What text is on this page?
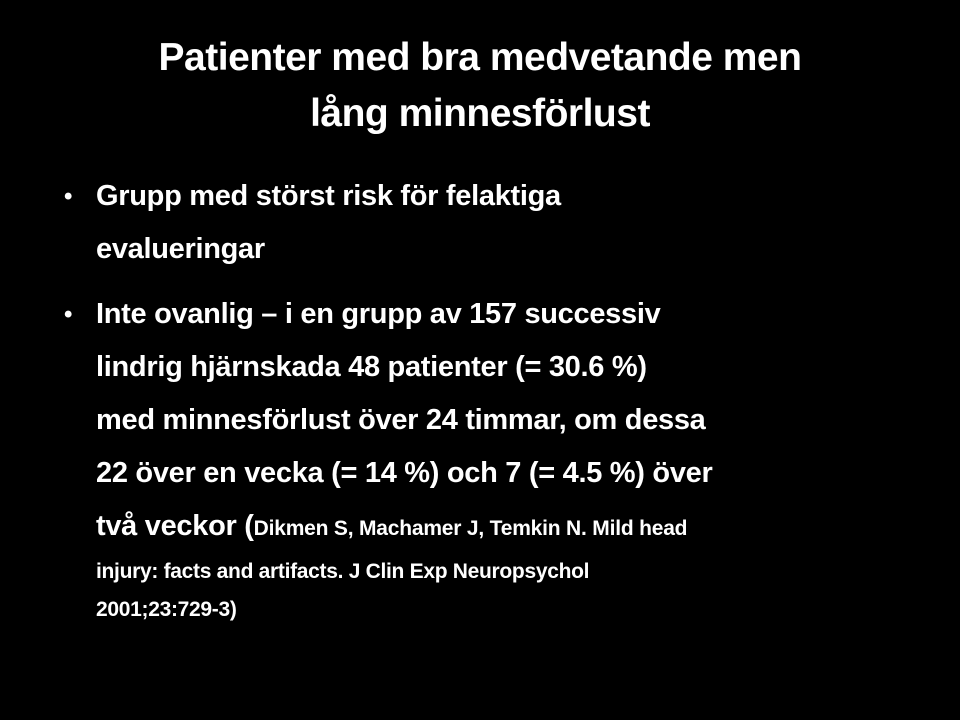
Patienter med bra medvetande men
lång minnesförlust
• Grupp med störst risk för felaktiga
evalueringar
• Inte ovanlig – i en grupp av 157 successiv
lindrig hjärnskada 48 patienter (= 30.6 %)
med minnesförlust över 24 timmar, om dessa
22 över en vecka (= 14 %) och 7 (= 4.5 %) över
två veckor (Dikmen S, Machamer J, Temkin N. Mild head
injury: facts and artifacts. J Clin Exp Neuropsychol
2001;23:729-3)
